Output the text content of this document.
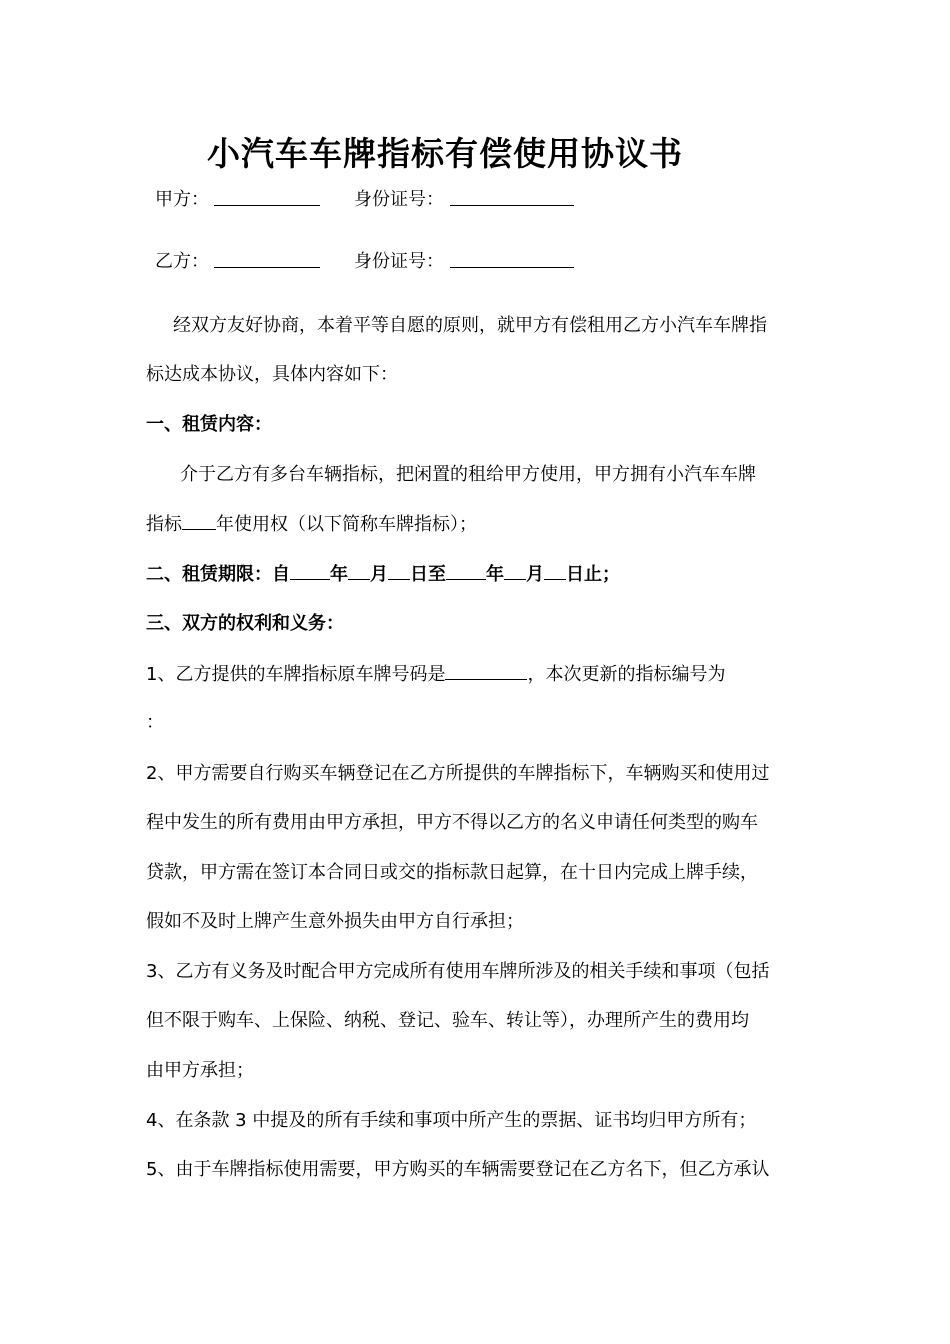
小汽车车牌指标有偿使用协议书
甲方：	身份证号：
乙方：	身份证号：
经双方友好协商，本着平等自愿的原则，就甲方有偿租用乙方小汽车车牌指
标达成本协议，具体内容如下：
一、租赁内容：
介于乙方有多台车辆指标，把闲置的租给甲方使用，甲方拥有小汽车车牌
指标 年使用权（以下简称车牌指标）；
二、租赁期限：自 年 月 日至 年 月 日止；
三、双方的权利和义务：
1、乙方提供的车牌指标原车牌号码是	，本次更新的指标编号为
：
2、甲方需要自行购买车辆登记在乙方所提供的车牌指标下，车辆购买和使用过
程中发生的所有费用由甲方承担，甲方不得以乙方的名义申请任何类型的购车
贷款，甲方需在签订本合同日或交的指标款日起算，在十日内完成上牌手续，
假如不及时上牌产生意外损失由甲方自行承担；
3、乙方有义务及时配合甲方完成所有使用车牌所涉及的相关手续和事项（包括
但不限于购车、上保险、纳税、登记、验车、转让等），办理所产生的费用均
由甲方承担；
4、在条款 3 中提及的所有手续和事项中所产生的票据、证书均归甲方所有；
5、由于车牌指标使用需要，甲方购买的车辆需要登记在乙方名下，但乙方承认
